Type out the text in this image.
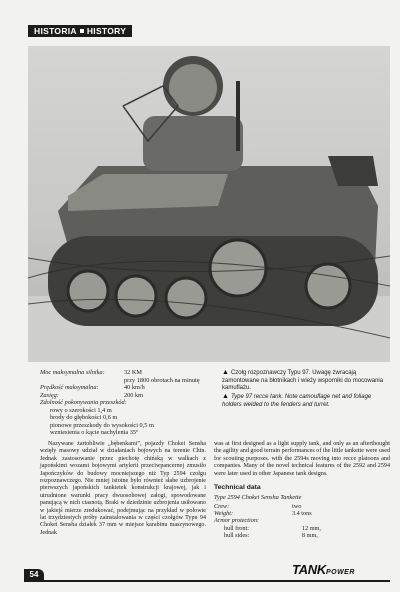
HISTORIA HISTORY
Moc maksymalna silnika:	32 KM
przy 1800 obrotach na minutę
Prędkość maksymalna:	40 km/h
Zasięg:	200 km
Zdolność pokonywania przeszkód:
rowy o szerokości 1,4 m
brody do głębokości 0,6 m
pionowe przeszkody do wysokości 0,5 m
wzniesienia o kącie nachylenia 35º
▲ Czołg rozpoznawczy Typu 97. Uwagę zwracają zamontowane na błotnikach i wieży wsporniki do mocowania kamuflażu.
▲ Type 97 recce tank. Note camouflage net and foliage holders welded to the fenders and turret.

Nazywane żartobliwie „bębenkami”, pojazdy Chokei Sensha wzięły masowy udział w działaniach bojowych na terenie Chin. Jednak zastosowanie przez piechotę chińską w walkach z japońskimi wozami bojowymi artylerii przeciwpancernej zmusiło Japończyków do budowy mocniejszego niż Typ 2594 czołgu rozpoznawczego. Nie mniej istotne było również słabe uzbrojenie pierwszych japońskich tankietek konstrukcji krajowej, jak i utrudnione warunki pracy dwuosobowej załogi, spowodowane panującą w nich ciasnotą. Braki w dziedzinie uzbrojenia usiłowano w jakiejś mierze zredukować, podejmując na przykład w połowie lat trzydziestych próby zainstalowania w części czołgów Typu 94 Chokei Sensha działek 37 mm w miejsce karabinu maszynowego. Jednak

was at first designed as a light supply tank, and only as an afterthought the agility and good terrain performances of the little tankette were used for scouting purposes. with the 2594s moving into recce platoons and companies. Many of the novel technical features of the 2592 and 2594 were later used in other Japanese tank designs.

Technical data
Type 2594 Chokei Sensha Tankette
Crew:	two
Weight:	3.4 tons
Armor protection:
hull front:	12 mm,
hull sides:	8 mm,
54	TANKPOWER
